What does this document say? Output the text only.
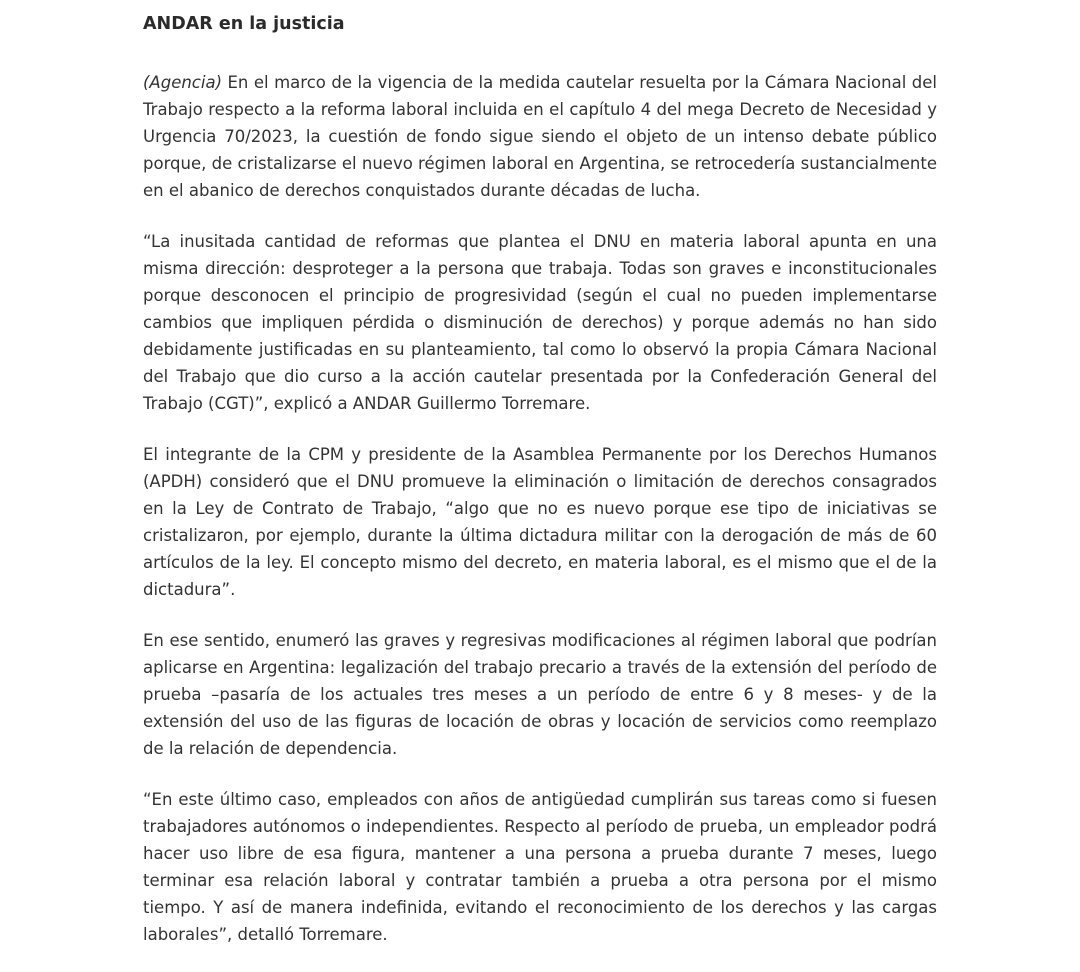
ANDAR en la justicia

(Agencia) En el marco de la vigencia de la medida cautelar resuelta por la Cámara Nacional del Trabajo respecto a la reforma laboral incluida en el capítulo 4 del mega Decreto de Necesidad y Urgencia 70/2023, la cuestión de fondo sigue siendo el objeto de un intenso debate público porque, de cristalizarse el nuevo régimen laboral en Argentina, se retrocedería sustancialmente en el abanico de derechos conquistados durante décadas de lucha.

“La inusitada cantidad de reformas que plantea el DNU en materia laboral apunta en una misma dirección: desproteger a la persona que trabaja. Todas son graves e inconstitucionales porque desconocen el principio de progresividad (según el cual no pueden implementarse cambios que impliquen pérdida o disminución de derechos) y porque además no han sido debidamente justificadas en su planteamiento, tal como lo observó la propia Cámara Nacional del Trabajo que dio curso a la acción cautelar presentada por la Confederación General del Trabajo (CGT)”, explicó a ANDAR Guillermo Torremare.

El integrante de la CPM y presidente de la Asamblea Permanente por los Derechos Humanos (APDH) consideró que el DNU promueve la eliminación o limitación de derechos consagrados en la Ley de Contrato de Trabajo, “algo que no es nuevo porque ese tipo de iniciativas se cristalizaron, por ejemplo, durante la última dictadura militar con la derogación de más de 60 artículos de la ley. El concepto mismo del decreto, en materia laboral, es el mismo que el de la dictadura”.

En ese sentido, enumeró las graves y regresivas modificaciones al régimen laboral que podrían aplicarse en Argentina: legalización del trabajo precario a través de la extensión del período de prueba –pasaría de los actuales tres meses a un período de entre 6 y 8 meses- y de la extensión del uso de las figuras de locación de obras y locación de servicios como reemplazo de la relación de dependencia.

“En este último caso, empleados con años de antigüedad cumplirán sus tareas como si fuesen trabajadores autónomos o independientes. Respecto al período de prueba, un empleador podrá hacer uso libre de esa figura, mantener a una persona a prueba durante 7 meses, luego terminar esa relación laboral y contratar también a prueba a otra persona por el mismo tiempo. Y así de manera indefinida, evitando el reconocimiento de los derechos y las cargas laborales”, detalló Torremare.
